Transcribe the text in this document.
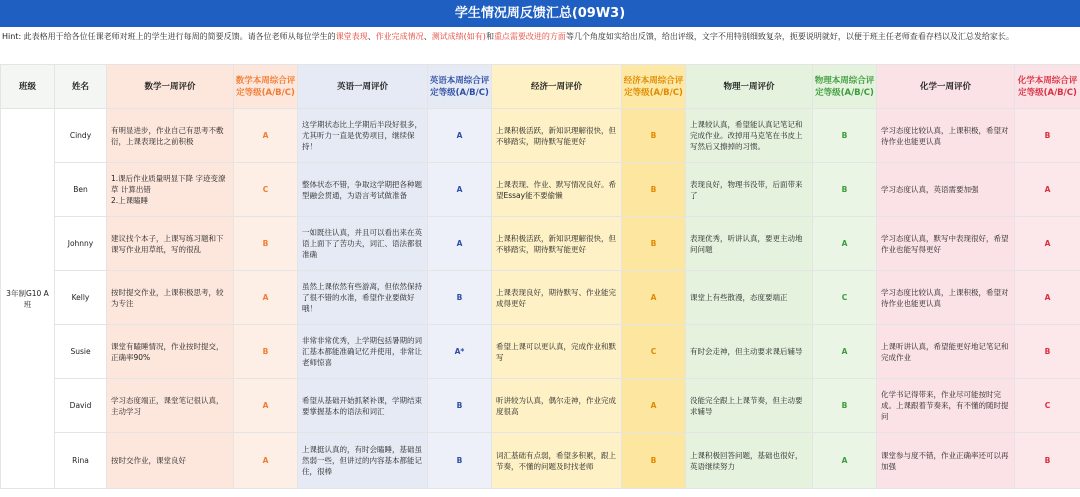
学生情况周反馈汇总(09W3)
Hint: 此表格用于给各位任课老师对班上的学生进行每周的简要反馈。请各位老师从每位学生的课堂表现、作业完成情况、测试成绩(如有)和重点需要改进的方面等几个角度如实给出反馈，给出评级，文字不用特别细致复杂，扼要说明就好，以便于班主任老师查看存档以及汇总发给家长。
班级	姓名	数学一周评价	数学本周综合评定等级(A/B/C)	英语一周评价	英语本周综合评定等级(A/B/C)	经济一周评价	经济本周综合评定等级(A/B/C)	物理一周评价	物理本周综合评定等级(A/B/C)	化学一周评价	化学本周综合评定等级(A/B/C)
3年制G10 A班	Cindy	有明显进步，作业自己有思考不敷衍，上课表现比之前积极	A	这学期状态比上学期后半段好很多，尤其听力一直是优势项目，继续保持！	A	上课积极活跃，新知识理解很快，但不够踏实，期待默写能更好	B	上课较认真，希望能认真记笔记和完成作业。改掉用马克笔在书皮上写然后又擦掉的习惯。	B	学习态度比较认真，上课积极，希望对待作业也能更认真	B
	Ben	1.课后作业质量明显下降 字迹变潦草 计算出错
2.上课瞌睡	C	整体状态不错，争取这学期把各种题型融会贯通，为语言考试做准备	A	上课表现、作业、默写情况良好。希望Essay能不要偷懒	B	表现良好，物理书没带，后面带来了	B	学习态度认真，英语需要加强	A
	Johnny	建议找个本子，上课写练习题和下课写作业用草纸，写的很乱	B	一如既往认真，并且可以看出来在英语上面下了苦功夫，词汇、语法都很准确	A	上课积极活跃，新知识理解很快，但不够踏实，期待默写能更好	B	表现优秀，听讲认真，要更主动地问问题	A	学习态度认真，默写中表现很好，希望作业也能写得更好	A
	Kelly	按时提交作业，上课积极思考，较为专注	A	虽然上课依然有些游离，但依然保持了很不错的水准，希望作业要做好哦！	B	上课表现良好，期待默写、作业能完成得更好	A	课堂上有些散漫，态度要端正	C	学习态度比较认真，上课积极，希望对待作业也能更认真	A
	Susie	课堂有瞌睡情况，作业按时提交，正确率90%	B	非常非常优秀，上学期包括暑期的词汇基本都能准确记忆并使用，非常让老师惊喜	A*	希望上课可以更认真，完成作业和默写	C	有时会走神，但主动要求课后辅导	A	上课听讲认真，希望能更好地记笔记和完成作业	B
	David	学习态度端正，课堂笔记很认真，主动学习	A	希望从基础开始抓紧补课，学期结束要掌握基本的语法和词汇	B	听讲较为认真，偶尔走神，作业完成度很高	A	没能完全跟上上课节奏，但主动要求辅导	B	化学书记得带来，作业尽可能按时完成。上课跟着节奏来，有不懂的随时提问	C
	Rina	按时交作业，课堂良好	A	上课挺认真的，有时会瞌睡，基础虽然弱一些，但讲过的内容基本都能记住，很棒	B	词汇基础有点弱，希望多积累，跟上节奏，不懂的问题及时找老师	B	上课积极回答问题，基础也很好，英语继续努力	A	课堂参与度不错，作业正确率还可以再加强	B
